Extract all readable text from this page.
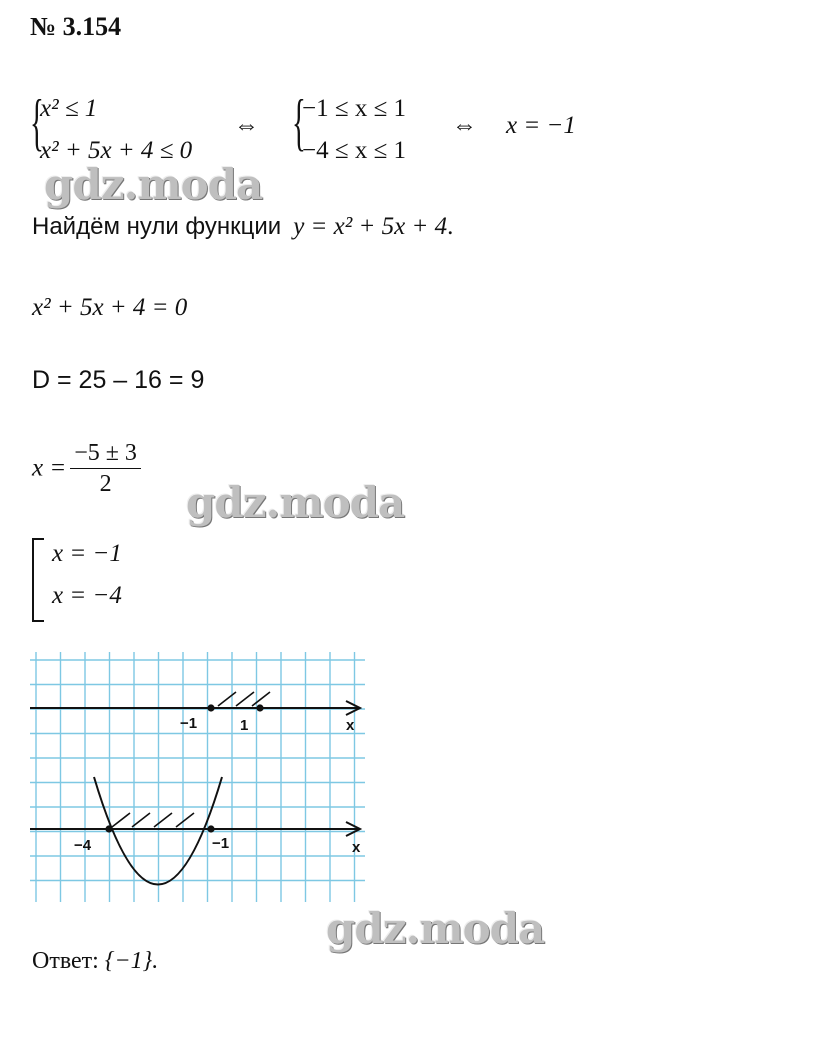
№ 3.154
{
x² ≤ 1
x² + 5x + 4 ≤ 0
⇔ {
−1 ≤ x ≤ 1
−4 ≤ x ≤ 1
⇔ x = −1
gdz.moda
Найдём нули функции y = x² + 5x + 4.
x² + 5x + 4 = 0
D = 25 – 16 = 9
$x = \frac{-5 \pm 3}{2}$
gdz.moda
x = −1
x = −4
−1	1	x
−4	−1	x
gdz.moda
Ответ: {−1}.
